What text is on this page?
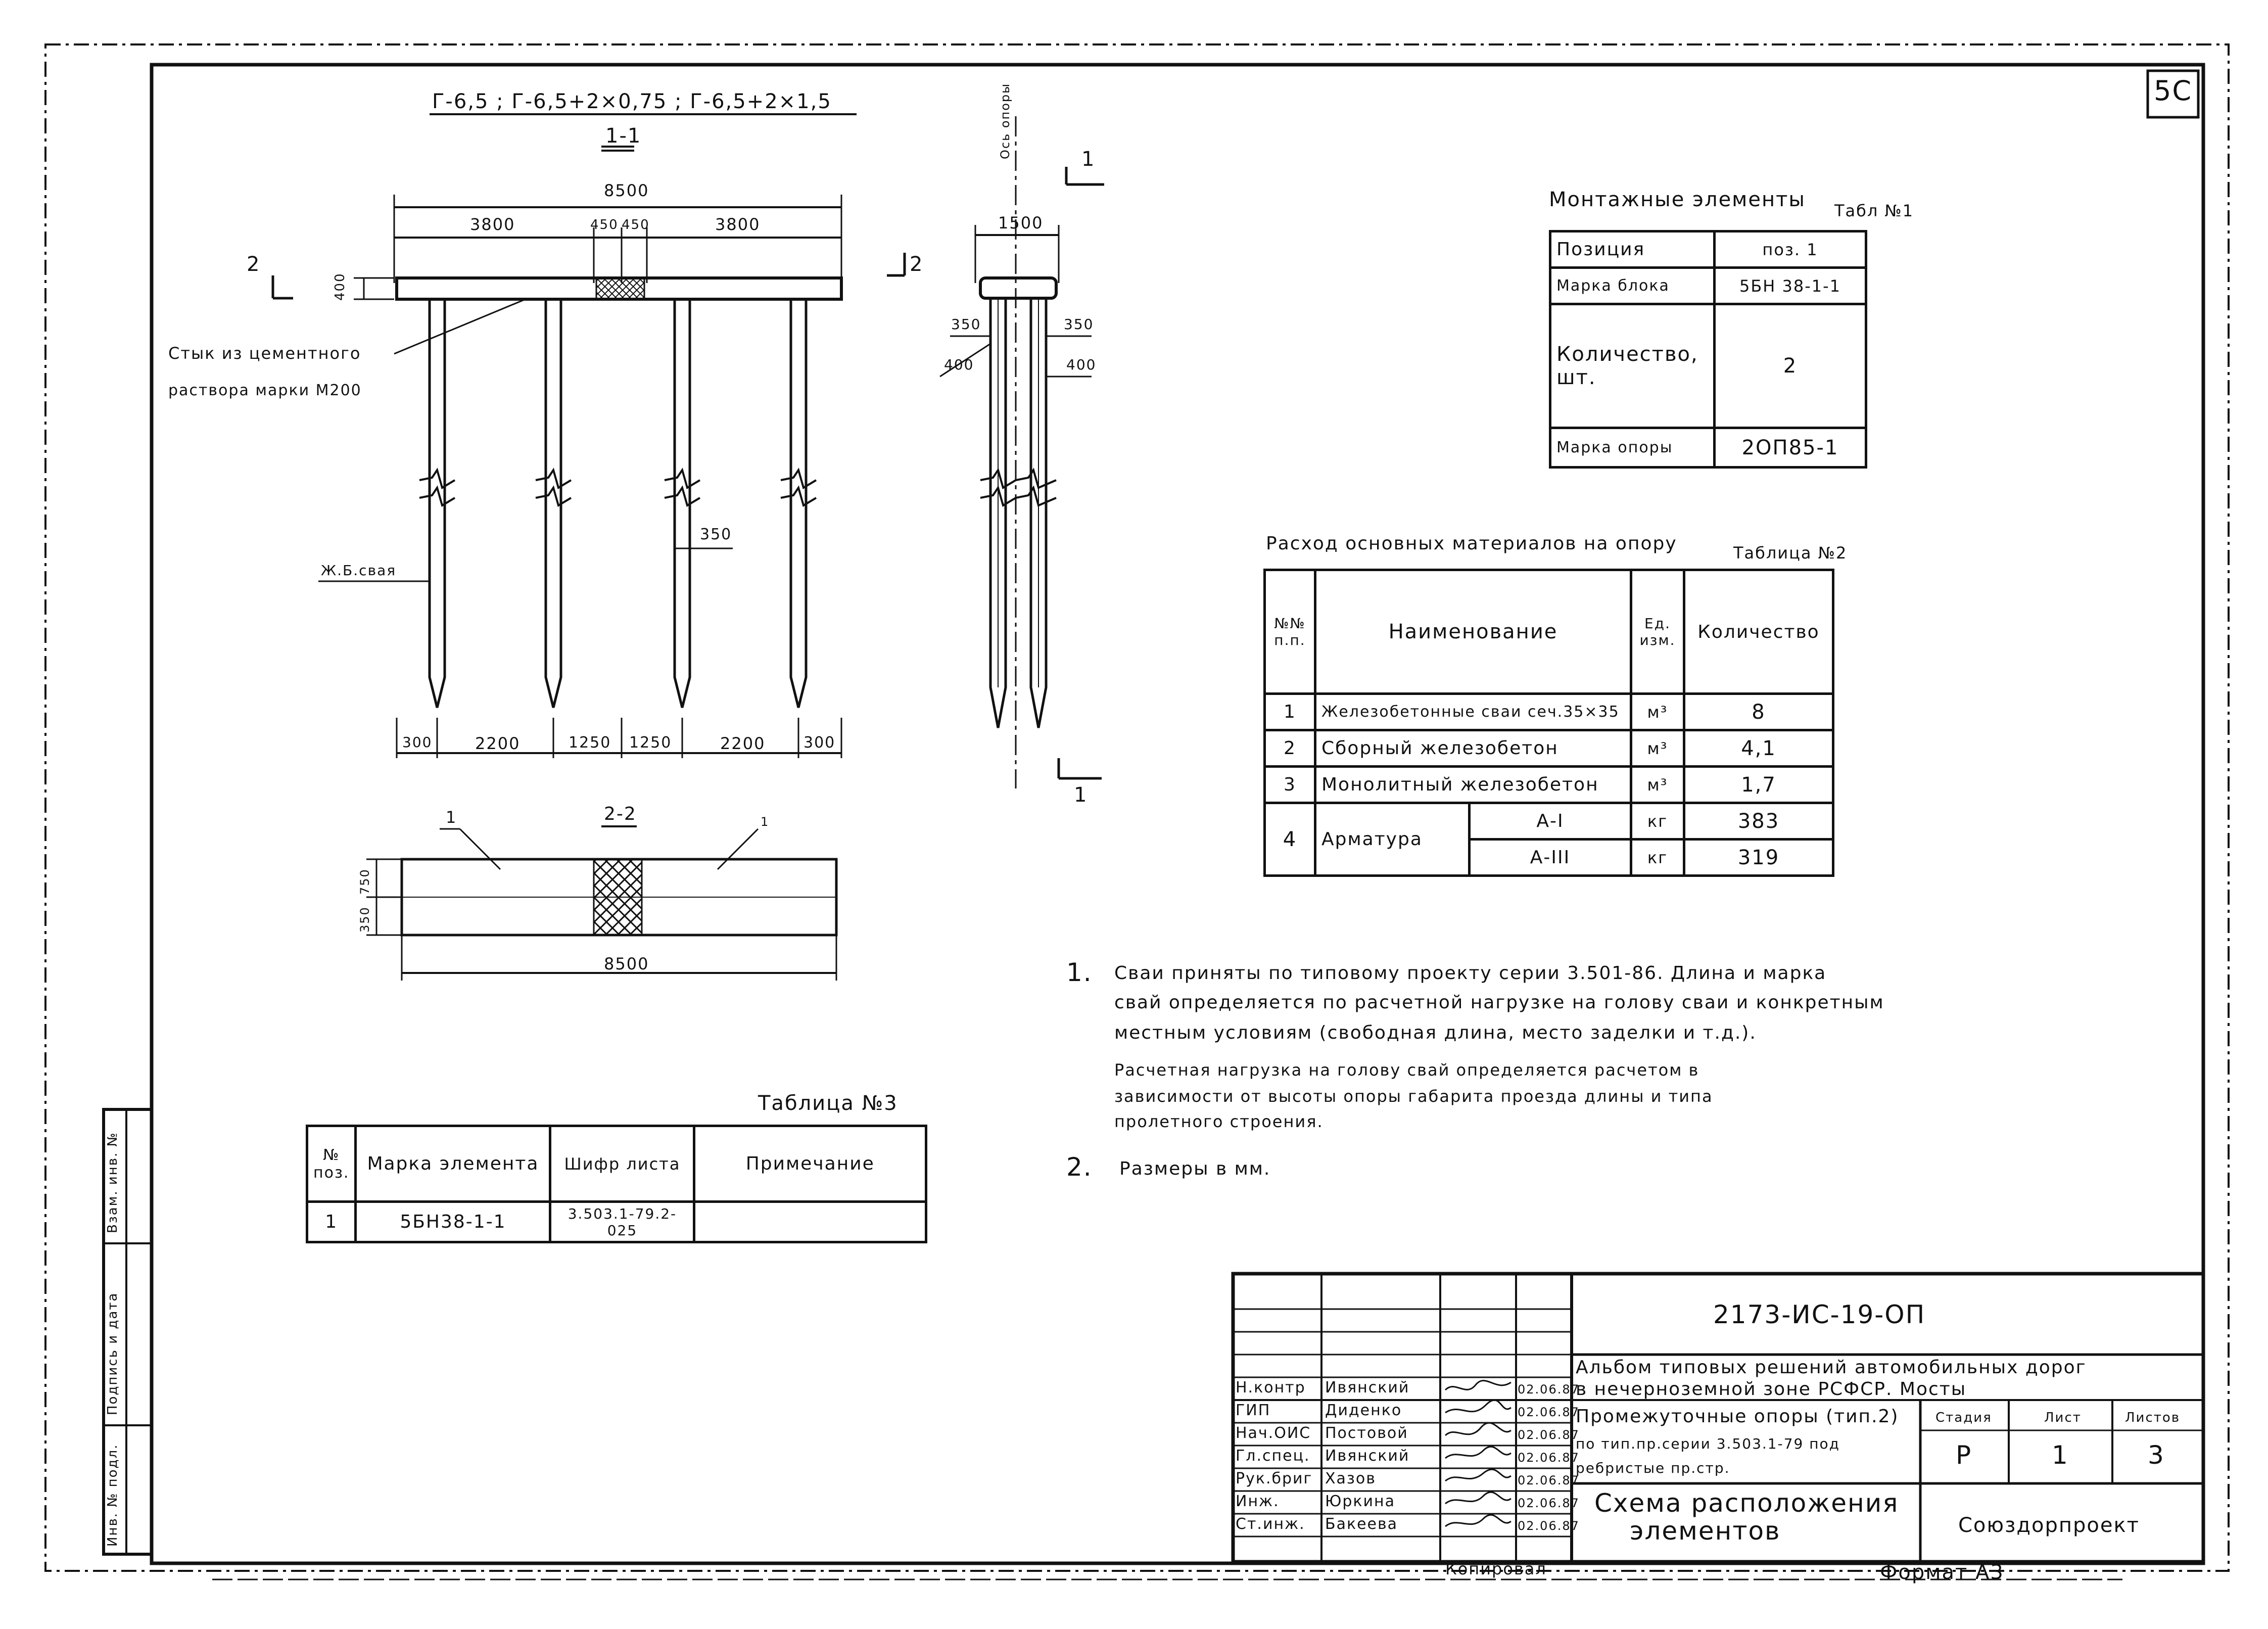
5С
Г-6,5 ; Г-6,5+2×0,75 ; Г-6,5+2×1,5
1-1
8500
3800	450 450	3800
400
2	2
Стык из цементного
раствора марки М200
350
Ж.Б.свая
300	2200	1250 1250	2200	300
Ось опоры	1
1500
350	350
400	400
1
2-2
1	1
750
350
8500
Монтажные элементы Табл №1
Позиция	поз. 1
Марка блока	5БН 38-1-1
Количество, шт.	2
Марка опоры	2ОП85-1
Расход основных материалов на опору	Таблица №2
№№ п.п.	Наименование		Ед. изм.	Количество
1	Железобетонные сваи сеч.35×35		м³	8
2	Сборный железобетон		м³	4,1
3	Монолитный железобетон		м³	1,7
4	Арматура	А-I	кг	383
		А-III	кг	319
1. Сваи приняты по типовому проекту серии 3.501-86. Длина и марка
свай определяется по расчетной нагрузке на голову сваи и конкретным
местным условиям (свободная длина, место заделки и т.д.).
Расчетная нагрузка на голову свай определяется расчетом в
зависимости от высоты опоры габарита проезда длины и типа
пролетного строения.
2. Размеры в мм.
Таблица №3
№ поз.	Марка элемента	Шифр листа	Примечание
1	5БН38-1-1	3.503.1-79.2-025	
Взам. инв. №
Подпись и дата
Инв. № подл.
2173-ИС-19-ОП
Альбом типовых решений автомобильных дорог
в нечерноземной зоне РСФСР. Мосты
Промежуточные опоры (тип.2)
по тип.пр.серии 3.503.1-79 под
ребристые пр.стр.
Схема расположения
элементов
Стадия	Лист	Листов
Р	1	3
Союздорпроект
Н.контр Ивянский	02.06.87
ГИП	Диденко	02.06.87
Нач.ОИС Постовой	02.06.87
Гл.спец. Ивянский	02.06.87
Рук.бриг Хазов	02.06.87
Инж.	Юркина	02.06.87
Ст.инж. Бакеева	02.06.87
Копировал	Формат А3
